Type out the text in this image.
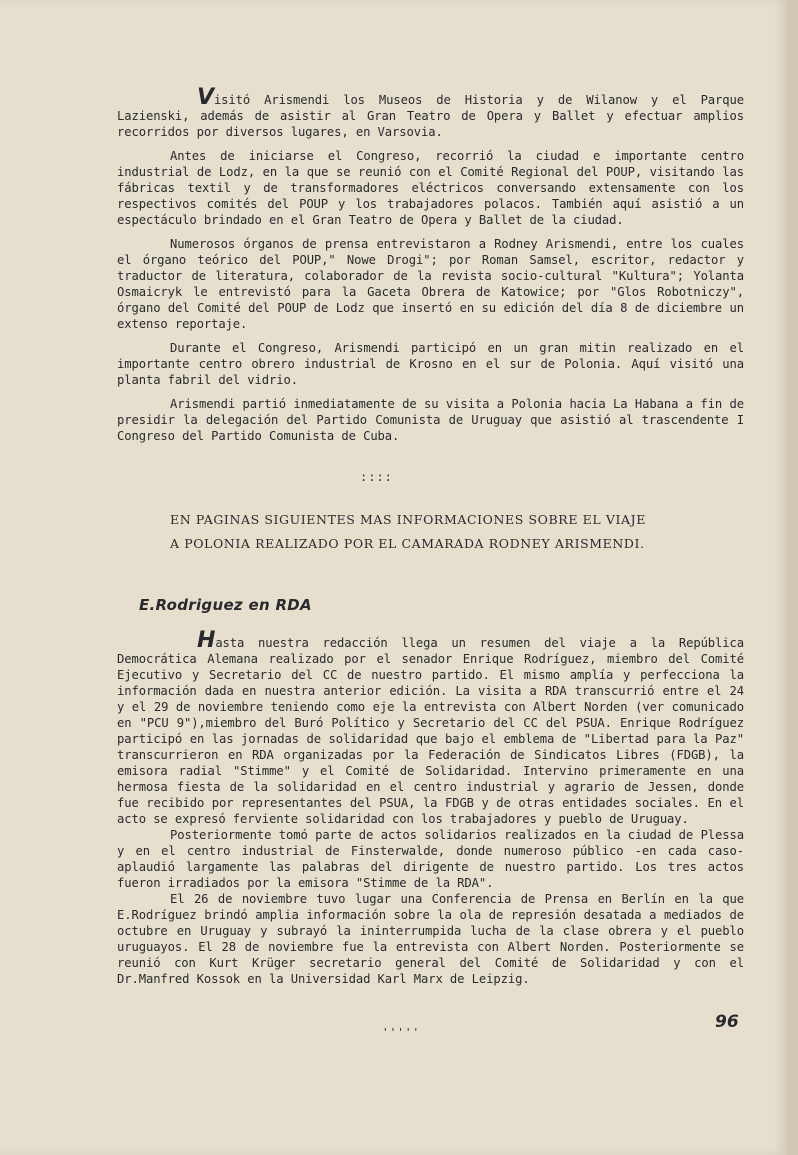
Visitó Arismendi los Museos de Historia y de Wilanow y el Parque Lazienski, además de asistir al Gran Teatro de Opera y Ballet y efectuar amplios recorridos por diversos lugares, en Varsovia.

Antes de iniciarse el Congreso, recorrió la ciudad e importante centro industrial de Lodz, en la que se reunió con el Comité Regional del POUP, visitando las fábricas textil y de transformadores eléctricos conversando extensamente con los respectivos comités del POUP y los trabajadores polacos. También aquí asistió a un espectáculo brindado en el Gran Teatro de Opera y Ballet de la ciudad.

Numerosos órganos de prensa entrevistaron a Rodney Arismendi, entre los cuales el órgano teórico del POUP," Nowe Drogi"; por Roman Samsel, escritor, redactor y traductor de literatura, colaborador de la revista socio-cultural "Kultura"; Yolanta Osmaicryk le entrevistó para la Gaceta Obrera de Katowice; por "Glos Robotniczy", órgano del Comité del POUP de Lodz que insertó en su edición del día 8 de diciembre un extenso reportaje.

Durante el Congreso, Arismendi participó en un gran mitin realizado en el importante centro obrero industrial de Krosno en el sur de Polonia. Aquí visitó una planta fabril del vidrio.

Arismendi partió inmediatamente de su visita a Polonia hacia La Habana a fin de presidir la delegación del Partido Comunista de Uruguay que asistió al trascendente I Congreso del Partido Comunista de Cuba.

::::
EN PAGINAS SIGUIENTES MAS INFORMACIONES SOBRE EL VIAJE
A POLONIA REALIZADO POR EL CAMARADA RODNEY ARISMENDI.
E.Rodriguez en RDA

Hasta nuestra redacción llega un resumen del viaje a la República Democrática Alemana realizado por el senador Enrique Rodríguez, miembro del Comité Ejecutivo y Secretario del CC de nuestro partido. El mismo amplía y perfecciona la información dada en nuestra anterior edición. La visita a RDA transcurrió entre el 24 y el 29 de noviembre teniendo como eje la entrevista con Albert Norden (ver comunicado en "PCU 9"),miembro del Buró Político y Secretario del CC del PSUA. Enrique Rodríguez participó en las jornadas de solidaridad que bajo el emblema de "Libertad para la Paz" transcurrieron en RDA organizadas por la Federación de Sindicatos Libres (FDGB), la emisora radial "Stimme" y el Comité de Solidaridad. Intervino primeramente en una hermosa fiesta de la solidaridad en el centro industrial y agrario de Jessen, donde fue recibido por representantes del PSUA, la FDGB y de otras entidades sociales. En el acto se expresó ferviente solidaridad con los trabajadores y pueblo de Uruguay.

Posteriormente tomó parte de actos solidarios realizados en la ciudad de Plessa y en el centro industrial de Finsterwalde, donde numeroso público -en cada caso- aplaudió largamente las palabras del dirigente de nuestro partido. Los tres actos fueron irradiados por la emisora "Stimme de la RDA".

El 26 de noviembre tuvo lugar una Conferencia de Prensa en Berlín en la que E.Rodríguez brindó amplia información sobre la ola de represión desatada a mediados de octubre en Uruguay y subrayó la ininterrumpida lucha de la clase obrera y el pueblo uruguayos. El 28 de noviembre fue la entrevista con Albert Norden. Posteriormente se reunió con Kurt Krüger secretario general del Comité de Solidaridad y con el Dr.Manfred Kossok en la Universidad Karl Marx de Leipzig.

'''''
96
